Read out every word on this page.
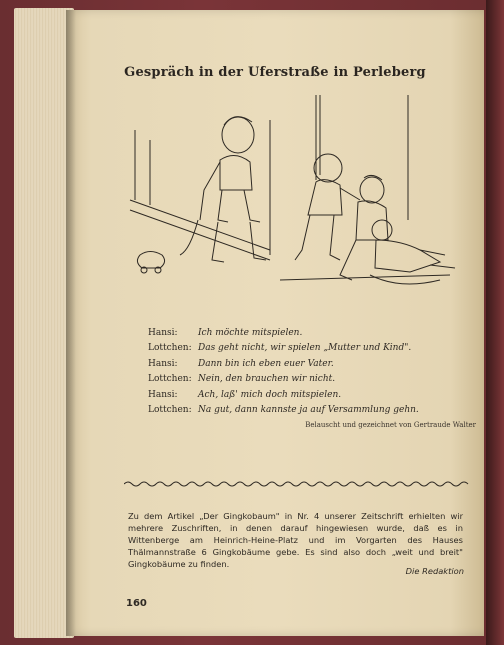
Gespräch in der Uferstraße in Perleberg
Hansi:	Ich möchte mitspielen.
Lottchen: Das geht nicht, wir spielen „Mutter und Kind".
Hansi:	Dann bin ich eben euer Vater.
Lottchen: Nein, den brauchen wir nicht.
Hansi:	Ach, laß' mich doch mitspielen.
Lottchen: Na gut, dann kannste ja auf Versammlung gehn.
Belauscht und gezeichnet von Gertraude Walter
Zu dem Artikel „Der Gingkobaum" in Nr. 4 unserer Zeitschrift erhielten wir mehrere Zuschriften, in denen darauf hingewiesen wurde, daß es in Wittenberge am Heinrich-Heine-Platz und im Vorgarten des Hauses Thälmannstraße 6 Gingkobäume gebe. Es sind also doch „weit und breit" Gingkobäume zu finden.
Die Redaktion
160
